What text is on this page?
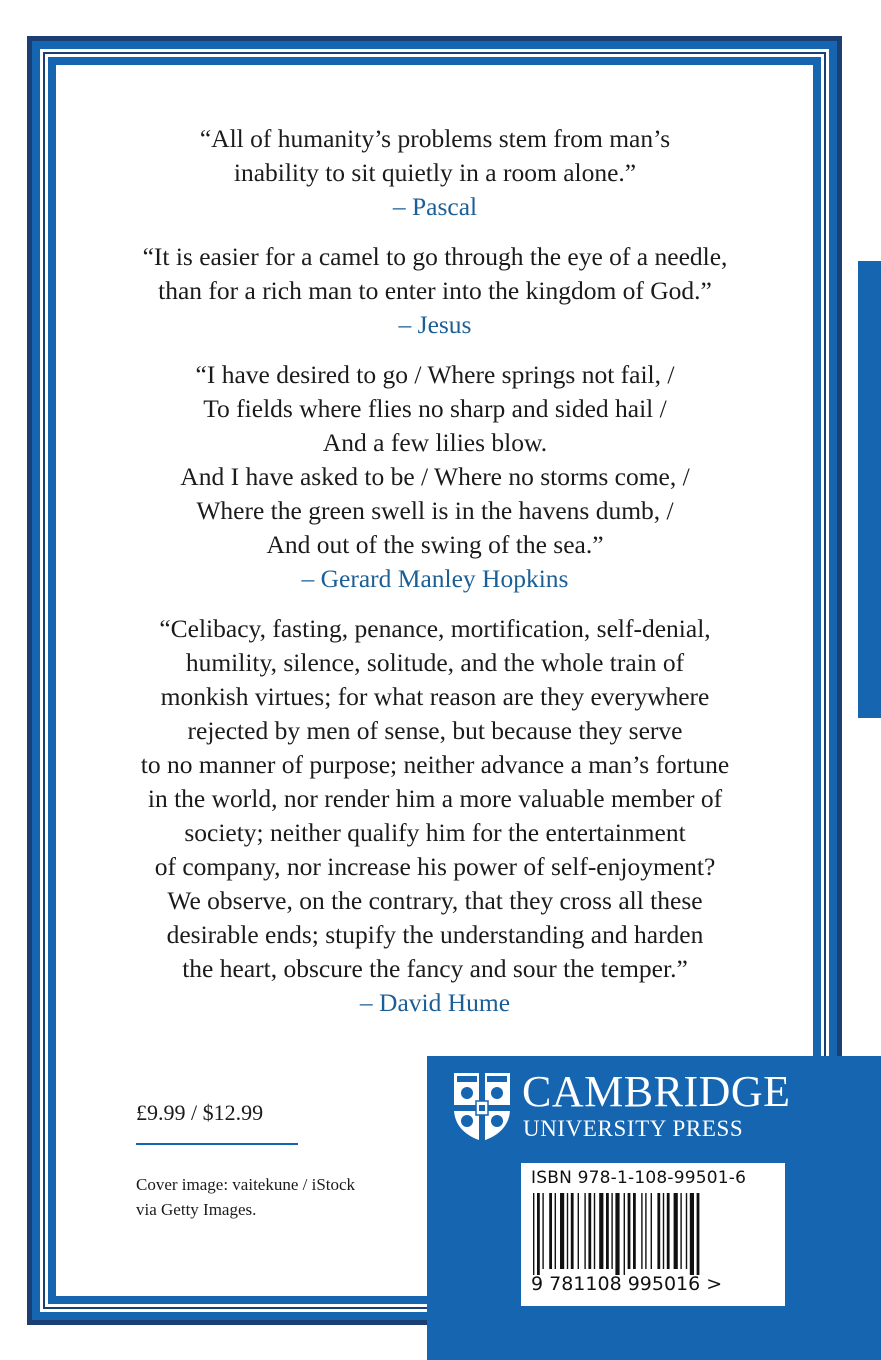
“All of humanity’s problems stem from man’s
inability to sit quietly in a room alone.”
– Pascal
“It is easier for a camel to go through the eye of a needle,
than for a rich man to enter into the kingdom of God.”
– Jesus
“I have desired to go / Where springs not fail, /
To fields where flies no sharp and sided hail /
And a few lilies blow.
And I have asked to be / Where no storms come, /
Where the green swell is in the havens dumb, /
And out of the swing of the sea.”
– Gerard Manley Hopkins
“Celibacy, fasting, penance, mortification, self-denial,
humility, silence, solitude, and the whole train of
monkish virtues; for what reason are they everywhere
rejected by men of sense, but because they serve
to no manner of purpose; neither advance a man’s fortune
in the world, nor render him a more valuable member of
society; neither qualify him for the entertainment
of company, nor increase his power of self-enjoyment?
We observe, on the contrary, that they cross all these
desirable ends; stupify the understanding and harden
the heart, obscure the fancy and sour the temper.”
– David Hume
£9.99 / $12.99
Cover image: vaitekune / iStock
via Getty Images.
CAMBRIDGE
UNIVERSITY PRESS
ISBN 978-1-108-99501-6
9 781108 995016 >
